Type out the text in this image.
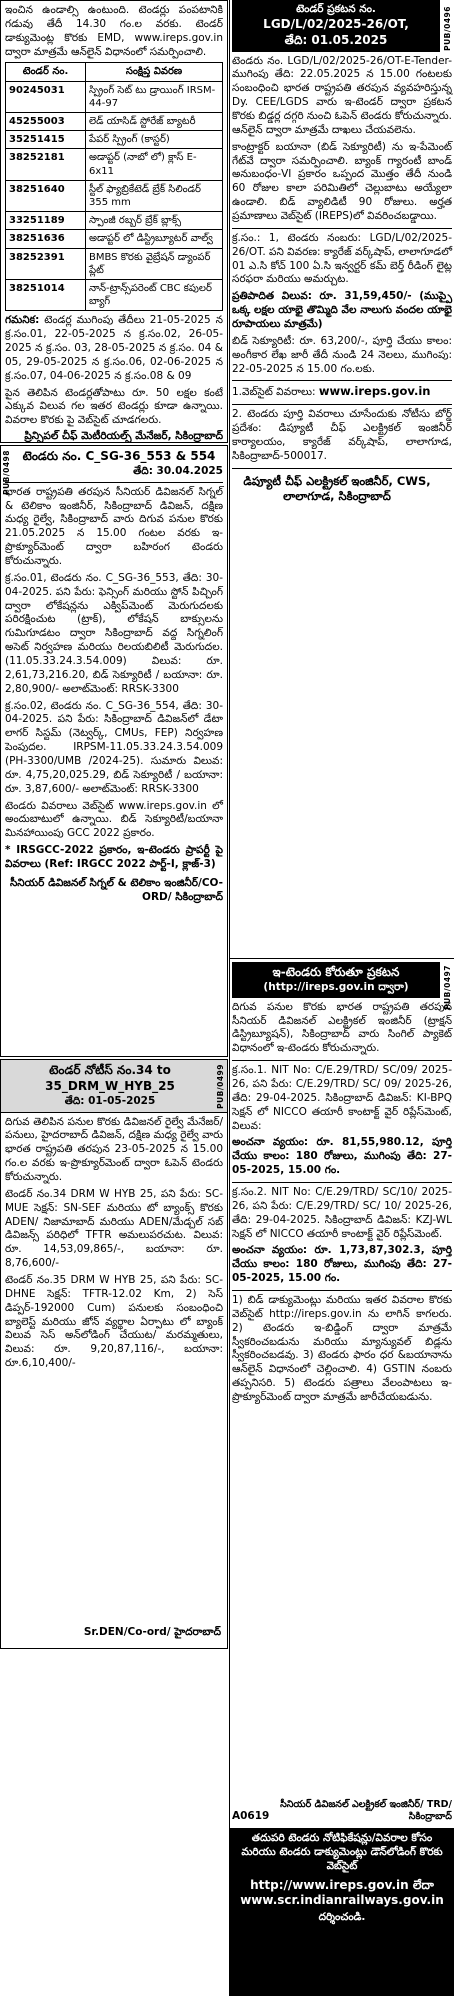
ఇంచిన ఉండాల్సి ఉంటుంది. టెండర్లు పంపటానికి గడువు తేదీ 14.30 గం.ల వరకు. టెండర్ డాక్యుమెంట్ల కొరకు EMD, www.ireps.gov.in ద్వారా మాత్రమే ఆన్‌లైన్ విధానంలో సమర్పించాలి.
టెండర్ నం.	సంక్షిప్త వివరణ
90245031	స్ప్రింగ్ సెట్ టు డ్రాయింగ్ IRSM-44-97
45255003	లెడ్ యాసిడ్ స్టోరేజ్ బ్యాటరీ
35251415	పేపర్ స్ప్రింగ్ (కాస్టర్)
38252181	అడాప్టర్ (నాబో లో) క్లాస్ E-6x11
38251640	స్టీల్ ఫ్యాబ్రికేటెడ్ బ్రేక్ సిలిండర్ 355 mm
33251189	స్పాంజీ రబ్బర్ బ్రేక్ బ్లాక్స్
38251636	అడాప్టర్ లో డిస్ట్రిబ్యూటర్ వాల్వ్
38252391	BMBS కొరకు వైబ్రేషన్ డ్యాంపర్ ప్లేట్
38251014	నాన్-ట్రాన్స్‌పరెంట్ CBC కపులర్ బ్యాగ్
గమనిక: టెండర్ల ముగింపు తేదీలు 21-05-2025 న క్ర.సం.01, 22-05-2025 న క్ర.సం.02, 26-05-2025 న క్ర.సం. 03, 28-05-2025 న క్ర.సం. 04 & 05, 29-05-2025 న క్ర.సం.06, 02-06-2025 న క్ర.సం.07, 04-06-2025 న క్ర.సం.08 & 09
పైన తెలిపిన టెండర్లతోపాటు రూ. 50 లక్షల కంటే ఎక్కువ విలువ గల ఇతర టెండర్లు కూడా ఉన్నాయి. వివరాల కొరకు పై వెబ్‌సైట్ చూడగలరు.
ప్రిన్సిపల్ చీఫ్ మెటీరియల్స్ మేనేజర్, సికింద్రాబాద్
PUB/0498 టెండరు నం. C_SG-36_553 & 554
తేది: 30.04.2025
భారత రాష్ట్రపతి తరపున సీనియర్ డివిజనల్ సిగ్నల్ & టెలికాం ఇంజినీర్, సికింద్రాబాద్ డివిజన్, దక్షిణ మధ్య రైల్వే, సికింద్రాబాద్ వారు దిగువ పనుల కొరకు 21.05.2025 న 15.00 గంటల వరకు ఇ-ప్రొక్యూర్‌మెంట్ ద్వారా బహిరంగ టెండరు కోరుచున్నారు.
క్ర.సం.01, టెండరు నం. C_SG-36_553, తేది: 30-04-2025. పని పేరు: ఫెన్సింగ్ మరియు స్టోన్ పిచ్చింగ్ ద్వారా లోకేషన్లను ఎక్విప్‌మెంట్ మెరుగుదలకు పరిరక్షించుట (ట్రాక్), లోకేషన్ బాక్సులను గుమిగూడటం ద్వారా సికింద్రాబాద్ వద్ద సిగ్నలింగ్ అసెట్ నిర్వహణ మరియు రిలయబిలిటీ మెరుగుదల. (11.05.33.24.3.54.009) విలువ: రూ. 2,61,73,216.20, బిడ్ సెక్యూరిటీ / బయానా: రూ. 2,80,900/- అలాట్‌మెంట్: RRSK-3300
క్ర.సం.02, టెండరు నం. C_SG-36_554, తేది: 30-04-2025. పని పేరు: సికింద్రాబాద్ డివిజన్‌లో డేటా లాగర్ సిస్టమ్ (నెట్వర్క్, CMUs, FEP) నిర్వహణ పెంపుదల. IRPSM-11.05.33.24.3.54.009 (PH-3300/UMB /2024-25). సుమారు విలువ: రూ. 4,75,20,025.29, బిడ్ సెక్యూరిటీ / బయానా: రూ. 3,87,600/- అలాట్‌మెంట్: RRSK-3300
టెండరు వివరాలు వెబ్‌సైట్ www.ireps.gov.in లో అందుబాటులో ఉన్నాయి. బిడ్ సెక్యూరిటీ/బయానా మినహాయింపు GCC 2022 ప్రకారం.
* IRSGCC-2022 ప్రకారం, ఇ-టెండరు ప్రాపర్టీ పై వివరాలు (Ref: IRGCC 2022 పార్ట్-I, క్లాజ్-3)
సీనియర్ డివిజనల్ సిగ్నల్ & టెలికాం ఇంజినీర్/CO-ORD/ సికింద్రాబాద్
PUB/0499
టెండర్ నోటీస్ నం.34 to 35_DRM_W_HYB_25
తేది: 01-05-2025
దిగువ తెలిపిన పనుల కొరకు డివిజనల్ రైల్వే మేనేజర్/పనులు, హైదరాబాద్ డివిజన్, దక్షిణ మధ్య రైల్వే వారు భారత రాష్ట్రపతి తరపున 23-05-2025 న 15.00 గం.ల వరకు ఇ-ప్రొక్యూర్‌మెంట్ ద్వారా ఓపెన్ టెండరు కోరుచున్నారు.
టెండర్ నం.34 DRM W HYB 25, పని పేరు: SC-MUE సెక్షన్: SN-SEF మరియు టో బ్యాంక్స్ కొరకు ADEN/ నిజామాబాద్ మరియు ADEN/మేడ్చల్ సబ్ డివిజన్స్ పరిధిలో TFTR అమలుపరచుట. విలువ: రూ. 14,53,09,865/-, బయానా: రూ. 8,76,600/-
టెండర్ నం.35 DRM W HYB 25, పని పేరు: SC-DHNE సెక్షన్: TFTR-12.02 Km, 2) సెస్ డిప్పర్-192000 Cum) పనులకు సంబంధించి బ్యాలెస్ట్ మరియు జోన్ వ్యర్థాల ఏర్పాటు లో బ్యాంక్ విలువ సెస్ అన్‌లోడింగ్ చేయుట/ మరమ్మతులు, విలువ: రూ. 9,20,87,116/-, బయానా: రూ.6,10,400/-
Sr.DEN/Co-ord/ హైదరాబాద్
PUB/0496
టెండర్ ప్రకటన నం.
LGD/L/02/2025-26/OT,
తేది: 01.05.2025
టెండరు నం. LGD/L/02/2025-26/OT-E-Tender-ముగింపు తేది: 22.05.2025 న 15.00 గంటలకు సంబంధించి భారత రాష్ట్రపతి తరపున వ్యవహరిస్తున్న Dy. CEE/LGDS వారు ఇ-టెండర్ ద్వారా ప్రకటన కొరకు బిడ్డర్ల దగ్గరి నుంచి ఓపెన్ టెండరు కోరుచున్నారు. ఆన్‌లైన్ ద్వారా మాత్రమే దాఖలు చేయవలెను.
కాంట్రాక్టర్ బయానా (బిడ్ సెక్యూరిటీ) ను ఇ-పేమెంట్ గేట్‌వే ద్వారా సమర్పించాలి. బ్యాంక్ గ్యారంటీ బాండ్ అనుబంధం-VI ప్రకారం ఒప్పంద మొత్తం తేదీ నుండి 60 రోజుల కాలా పరిమితిలో చెల్లుబాటు అయ్యేలా ఉండాలి. బిడ్ వ్యాలిడిటీ 90 రోజులు. అర్హత ప్రమాణాలు వెబ్‌సైట్ (IREPS)లో వివరించబడ్డాయి.
క్ర.సం.: 1, టెండరు నంబరు: LGD/L/02/2025-26/OT. పని వివరణ: క్యారేజ్ వర్క్‌షాప్, లాలాగూడలో 01 ఎ.సి కోచ్ 100 ఏ.సి ఇన్వర్టర్ కమ్ బెర్త్ రీడింగ్ లైట్ల సరఫరా మరియు అమర్చుట.
ప్రతిపాదిత విలువ: రూ. 31,59,450/- (ముప్పై ఒక్క లక్షల యాభై తొమ్మిది వేల నాలుగు వందల యాభై రూపాయలు మాత్రమే)
బిడ్ సెక్యూరిటీ: రూ. 63,200/-, పూర్తి చేయు కాలం: అంగీకార లేఖ జారీ తేదీ నుండి 24 నెలలు, ముగింపు: 22-05-2025 న 15.00 గం.లకు.
1.వెబ్‌సైట్ వివరాలు: www.ireps.gov.in
2. టెండరు పూర్తి వివరాలు చూసేందుకు నోటీసు బోర్డ్ ప్రదేశం: డిప్యూటీ చీఫ్ ఎలక్ట్రికల్ ఇంజినీర్ కార్యాలయం, క్యారేజ్ వర్క్‌షాప్, లాలాగూడ, సికింద్రాబాద్-500017.
డిప్యూటీ చీఫ్ ఎలక్ట్రికల్ ఇంజినీర్, CWS, లాలాగూడ, సికింద్రాబాద్
PUB/0497
ఇ-టెండరు కోరుతూ ప్రకటన
(http://ireps.gov.in ద్వారా)
దిగువ పనుల కొరకు భారత రాష్ట్రపతి తరపున సీనియర్ డివిజనల్ ఎలక్ట్రికల్ ఇంజినీర్ (ట్రాక్షన్ డిస్ట్రిబ్యూషన్), సికింద్రాబాద్ వారు సింగిల్ ప్యాకెట్ విధానంలో ఇ-టెండరు కోరుచున్నారు.
క్ర.సం.1. NIT No: C/E.29/TRD/ SC/09/ 2025-26, పని పేరు: C/E.29/TRD/ SC/ 09/ 2025-26, తేది: 29-04-2025. సికింద్రాబాద్ డివిజన్: KI-BPQ సెక్షన్ లో NICCO తయారీ కాంటాక్ట్ వైర్ రిప్లేస్‌మెంట్, విలువ:
అంచనా వ్యయం: రూ. 81,55,980.12, పూర్తి చేయు కాలం: 180 రోజులు, ముగింపు తేది: 27-05-2025, 15.00 గం.
క్ర.సం.2. NIT No: C/E.29/TRD/ SC/10/ 2025-26, పని పేరు: C/E.29/TRD/ SC/ 10/ 2025-26, తేది: 29-04-2025. సికింద్రాబాద్ డివిజన్: KZJ-WL సెక్షన్ లో NICCO తయారీ కాంటాక్ట్ వైర్ రిప్లేస్‌మెంట్.
అంచనా వ్యయం: రూ. 1,73,87,302.3, పూర్తి చేయు కాలం: 180 రోజులు, ముగింపు తేది: 27-05-2025, 15.00 గం.
1) బిడ్ డాక్యుమెంట్లు మరియు ఇతర వివరాల కొరకు వెబ్‌సైట్ http://ireps.gov.in ను లాగిన్ కాగలరు. 2) టెండరు ఇ-బిడ్డింగ్ ద్వారా మాత్రమే స్వీకరించబడును మరియు మ్యాన్యువల్ బిడ్లను స్వీకరించబడవు. 3) టెండరు ఫారం ధర &బయానాను ఆన్‌లైన్ విధానంలో చెల్లించాలి. 4) GSTIN నంబరు తప్పనిసరి. 5) టెండరు పత్రాలు వేలంపాటలు ఇ-ప్రొక్యూర్‌మెంట్ ద్వారా మాత్రమే జారీచేయబడును.
A0619
సీనియర్ డివిజనల్ ఎలక్ట్రికల్ ఇంజినీర్/ TRD/సికింద్రాబాద్
తదుపరి టెండరు నోటిఫికేషన్లు/వివరాల కోసం మరియు టెండరు డాక్యుమెంట్లు డౌన్‌లోడింగ్ కొరకు వెబ్‌సైట్
http://www.ireps.gov.in లేదా www.scr.indianrailways.gov.in
దర్శించండి.
